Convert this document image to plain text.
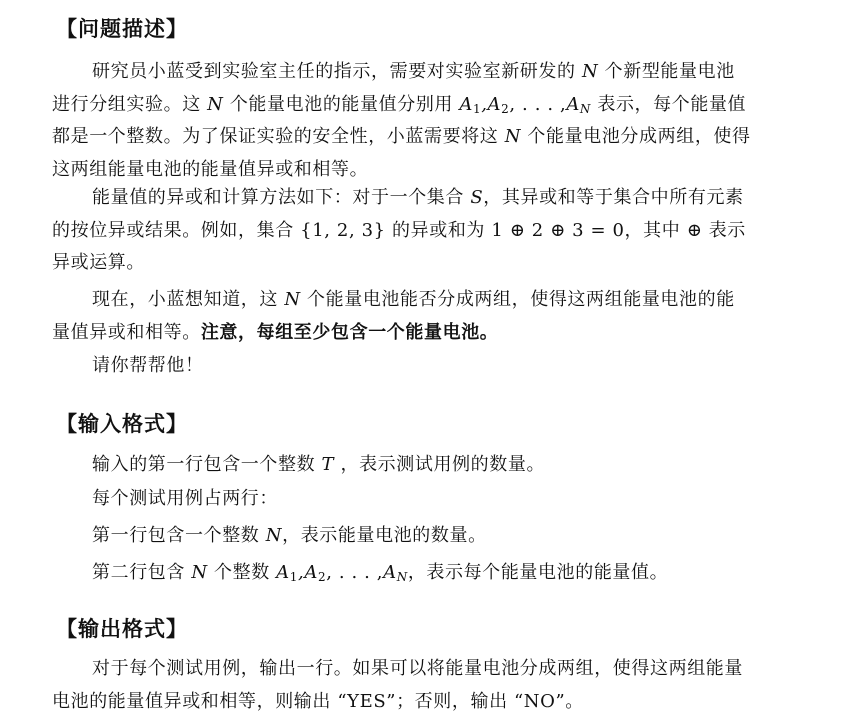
【问题描述】

研究员小蓝受到实验室主任的指示，需要对实验室新研发的 N 个新型能量电池进行分组实验。这 N 个能量电池的能量值分别用 $A_1,A_2$, . . . $,A_N$ 表示，每个能量值都是一个整数。为了保证实验的安全性，小蓝需要将这 N 个能量电池分成两组，使得这两组能量电池的能量值异或和相等。

能量值的异或和计算方法如下：对于一个集合 S，其异或和等于集合中所有元素的按位异或结果。例如，集合 {1, 2, 3} 的异或和为 1 ⊕ 2 ⊕ 3 = 0，其中 ⊕ 表示异或运算。

现在，小蓝想知道，这 N 个能量电池能否分成两组，使得这两组能量电池的能量值异或和相等。注意，每组至少包含一个能量电池。

请你帮帮他！

【输入格式】

输入的第一行包含一个整数 T ，表示测试用例的数量。

每个测试用例占两行：

第一行包含一个整数 N，表示能量电池的数量。

第二行包含 N 个整数 $A_1,A_2$, . . . $,A_N$，表示每个能量电池的能量值。

【输出格式】

对于每个测试用例，输出一行。如果可以将能量电池分成两组，使得这两组能量电池的能量值异或和相等，则输出 “YES”；否则，输出 “NO”。
